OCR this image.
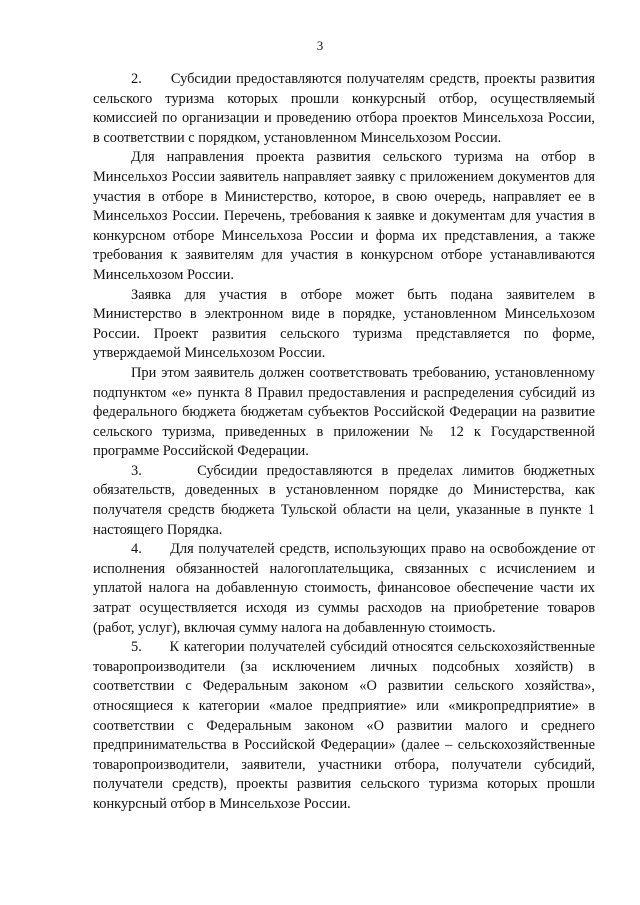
3

2.      Субсидии предоставляются получателям средств, проекты развития сельского туризма которых прошли конкурсный отбор, осуществляемый комиссией по организации и проведению отбора проектов Минсельхоза России, в соответствии с порядком, установленном Минсельхозом России.

Для направления проекта развития сельского туризма на отбор в Минсельхоз России заявитель направляет заявку с приложением документов для участия в отборе в Министерство, которое, в свою очередь, направляет ее в Минсельхоз России. Перечень, требования к заявке и документам для участия в конкурсном отборе Минсельхоза России и форма их представления, а также требования к заявителям для участия в конкурсном отборе устанавливаются Минсельхозом России.

Заявка для участия в отборе может быть подана заявителем в Министерство в электронном виде в порядке, установленном Минсельхозом России. Проект развития сельского туризма представляется по форме, утверждаемой Минсельхозом России.

При этом заявитель должен соответствовать требованию, установленному подпунктом «е» пункта 8 Правил предоставления и распределения субсидий из федерального бюджета бюджетам субъектов Российской Федерации на развитие сельского туризма, приведенных в приложении № 12 к Государственной программе Российской Федерации.

3.      Субсидии предоставляются в пределах лимитов бюджетных обязательств, доведенных в установленном порядке до Министерства, как получателя средств бюджета Тульской области на цели, указанные в пункте 1 настоящего Порядка.

4.      Для получателей средств, использующих право на освобождение от исполнения обязанностей налогоплательщика, связанных с исчислением и уплатой налога на добавленную стоимость, финансовое обеспечение части их затрат осуществляется исходя из суммы расходов на приобретение товаров (работ, услуг), включая сумму налога на добавленную стоимость.

5.      К категории получателей субсидий относятся сельскохозяйственные товаропроизводители (за исключением личных подсобных хозяйств) в соответствии с Федеральным законом «О развитии сельского хозяйства», относящиеся к категории «малое предприятие» или «микропредприятие» в соответствии с Федеральным законом «О развитии малого и среднего предпринимательства в Российской Федерации» (далее – сельскохозяйственные товаропроизводители, заявители, участники отбора, получатели субсидий, получатели средств), проекты развития сельского туризма которых прошли конкурсный отбор в Минсельхозе России.
